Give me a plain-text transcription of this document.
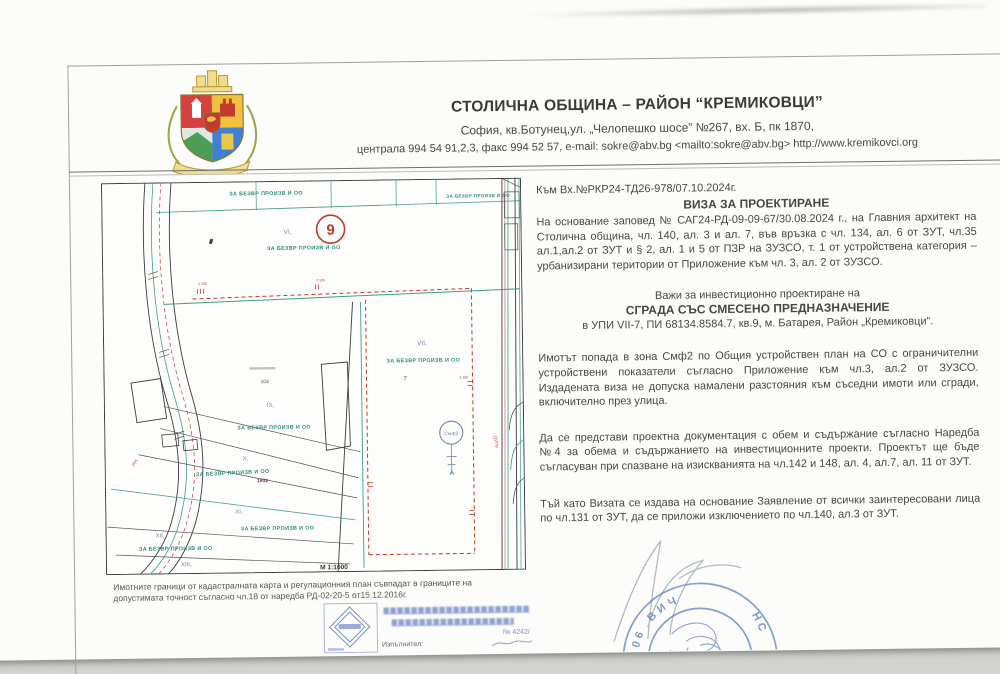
СТОЛИЧНА ОБЩИНА – РАЙОН “КРЕМИКОВЦИ”
София, кв.Ботунец,ул. „Челопешко шосе” №267, вх. Б, пк 1870,
централа 994 54 91,2,3, факс 994 52 57, e-mail: sokre@abv.bg <mailto:sokre@abv.bg> http://www.kremikovci.org
ЗА БЕЗВР ПРОИЗВ И ОО	ЗА БЕЗВР ПРОИЗВ И ОО
РН
ОУПа
VI, 9
ЗА БЕЗВР ПРОИЗВ И ОО
2.100
2.100
2.100
VII,
ЗА БЕЗВР ПРОИЗВ И ОО
7
Смф2
104
IX,
ЗА БЕЗВР ПРОИЗВ И ОО
X,
ЗА БЕЗВР ПРОИЗВ И ОО
1802
XI,
ЗА БЕЗВР ПРОИЗВ И ОО
XII,
ЗА БЕЗВР ПРОИЗВ И ОО
XIII,	М 1:1000
Имотните граници от кадастралната карта и регулационния план съвпадат в границите на
допустимата точност съгласно чл.18 от наредба РД-02-20-5 от15.12.2016г.

Към Вх.№РКР24-ТД26-978/07.10.2024г.

ВИЗА ЗА ПРОЕКТИРАНЕ

На основание заповед № САГ24-РД-09-09-67/30.08.2024 г., на Главния архитект на Столична община, чл. 140, ал. 3 и ал. 7, във връзка с чл. 134, ал. 6 от ЗУТ, чл.35 ал.1,ал.2 от ЗУТ и § 2, ал. 1 и 5 от ПЗР на ЗУЗСО, т. 1 от устройствена категория – урбанизирани територии от Приложение към чл. 3, ал. 2 от ЗУЗСО.

Важи за инвестиционно проектиране на

СГРАДА СЪС СМЕСЕНО ПРЕДНАЗНАЧЕНИЕ

в УПИ VII-7, ПИ 68134.8584.7, кв.9, м. Батарея, Район „Кремиковци“.

Имотът попада в зона Смф2 по Общия устройствен план на СО с ограничителни устройствени показатели съгласно Приложение към чл.3, ал.2 от ЗУЗСО. Издадената виза не допуска намалени разстояния към съседни имоти или сгради, включително през улица.

Да се представи проектна документация с обем и съдържание съгласно Наредба №4 за обема и съдържанието на инвестиционните проекти. Проектът ще бъде съгласуван при спазване на изискванията на чл.142 и 148, ал. 4, ал.7, ал. 11 от ЗУТ.

Тъй като Визата се издава на основание Заявление от всички заинтересовани лица по чл.131 от ЗУТ, да се приложи изключението по чл.140, ал.3 от ЗУТ.

№ 4242/
Изпълнител:
ВИЧ
06
НС
